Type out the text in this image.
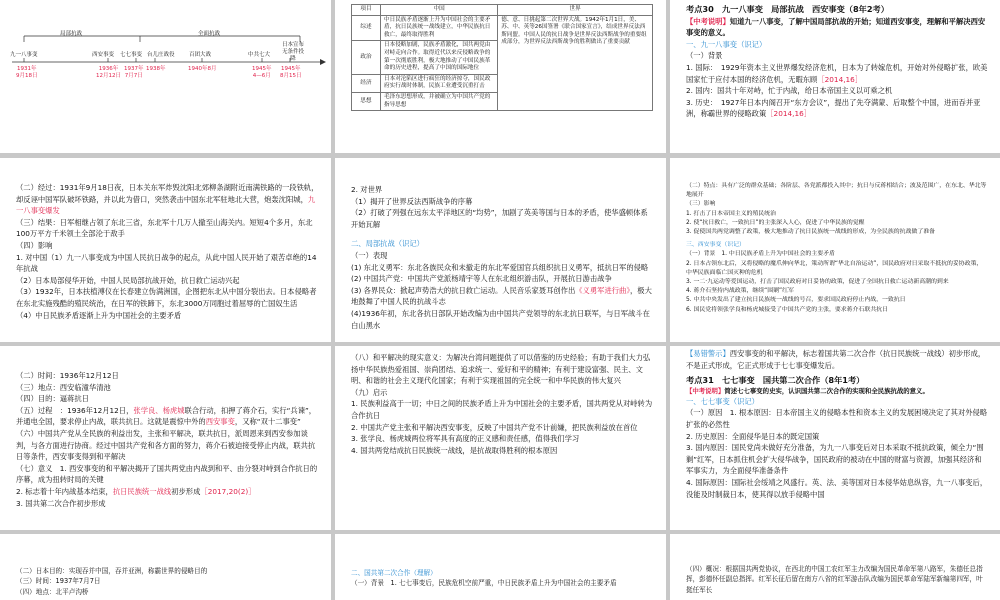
局部抗战	全面抗战
九一八事变	西安事变 七七事变 台儿庄战役	百团大战	中共七大
日本宣布无条件投降
1931年
9月18日
1936年
12月12日
1937年
7月7日
1938年	1940年8月	1945年
4—6月
1945年
8月15日
项目	中国	世界
综述	中日民族矛盾逐渐上升为中国社会的主要矛盾，抗日民族统一战线建立，中华民族抗日救亡，最终取得胜利	德、意、日挑起第二次世界大战。1942年1月1日，美、苏、中、英等26国签署《联合国家宣言》，结成世界反法西斯同盟。中国人民的抗日战争是世界反法西斯战争的重要组成部分，为世界反法西斯战争的胜利做出了重要贡献
政治	日本侵略加剧，民族矛盾激化，国共两党由对峙走向合作。取得近代以来反侵略战争的第一次彻底胜利，极大地推动了中国民族革命的历史进程，提高了中国的国际地位	
经济	日本对沦陷区进行疯狂的经济掠夺，国民政府实行战时体制，民族工业遭受沉重打击	
思想	毛泽东思想形成，并被确立为中国共产党的指导思想	

考点30　九一八事变　局部抗战　西安事变（8年2考）

【中考说明】知道九一八事变，了解中国局部抗战的开始；知道西安事变，理解和平解决西安事变的意义。

一、九一八事变（识记）

（一）背景

1. 国际：　1929年资本主义世界爆发经济危机，日本为了转嫁危机，开始对外侵略扩张，欧美国家忙于应付本国的经济危机，无暇东顾［2014,16］

2. 国内：国共十年对峙，忙于内战，给日本帝国主义以可乘之机

3. 历史：　1927年日本内阁召开“东方会议”，提出了先夺满蒙、后取整个中国，进而吞并亚洲，称霸世界的侵略政策［2014,16］

（二）经过：1931年9月18日夜，日本关东军炸毁沈阳北郊柳条湖附近南满铁路的一段铁轨，却反诬中国军队破坏铁路，并以此为借口，突然袭击中国东北军驻地北大营，炮轰沈阳城，九一八事变爆发

（三）结果：日军相继占领了东北三省，东北军十几万人撤至山海关内。短短4个多月，东北100万平方千米领土全部沦于敌手

（四）影响

1. 对中国（1）九一八事变成为中国人民抗日战争的起点，从此中国人民开始了艰苦卓绝的14年抗战

（2）日本局部侵华开始，中国人民局部抗战开始，抗日救亡运动兴起

（3）1932年，日本扶植溥仪在长春建立伪满洲国，企图把东北从中国分裂出去。日本侵略者在东北实施残酷的殖民统治，在日军的铁蹄下，东北3000万同胞过着屈辱的亡国奴生活

（4）中日民族矛盾逐渐上升为中国社会的主要矛盾

2. 对世界

（1）揭开了世界反法西斯战争的序幕

（2）打破了列强在远东太平洋地区的“均势”，加剧了英美等国与日本的矛盾，使华盛顿体系开始瓦解

二、局部抗战（识记）

（一）表现

(1) 东北义勇军：东北各族民众和未撤走的东北军爱国官兵组织抗日义勇军，抵抗日军的侵略

(2) 中国共产党：中国共产党派杨靖宇等人在东北组织游击队，开展抗日游击战争

(3) 各界民众：掀起声势浩大的抗日救亡运动。人民音乐家聂耳创作出《义勇军进行曲》，极大地鼓舞了中国人民的抗战斗志

(4)1936年初，东北各抗日部队开始改编为由中国共产党领导的东北抗日联军，与日军战斗在白山黑水

（二）特点：具有广泛的群众基础；各阶层、各党派都投入其中；抗日与反蒋相结合；波及范围广，在东北、华北等地展开

（三）影响

1. 打击了日本帝国主义的殖民统治

2. 使“抗日救亡，一致抗日”的主张深入人心，促进了中华民族的觉醒

3. 促使国共两党调整了政策，极大地推动了抗日民族统一战线的形成，为全民族的抗战做了准备

三、西安事变（识记）

（一）背景　1. 中日民族矛盾上升为中国社会的主要矛盾

2. 日本占领东北后，又将侵略的魔爪伸向华北，策动所谓“华北自治运动”，国民政府对日采取不抵抗的妥协政策，中华民族面临亡国灭种的危机

3. 一二·九运动等爱国运动，打击了国民政府对日妥协的政策，促进了全国抗日救亡运动新高潮的到来

4. 蒋介石坚持内战政策，继续“围剿”红军

5. 中共中央发出了建立抗日民族统一战线的号召，要求国民政府停止内战，一致抗日

6. 国民党将领张学良和杨虎城接受了中国共产党的主张，要求蒋介石联共抗日

（二）时间：1936年12月12日

（三）地点：西安临潼华清池

（四）目的：逼蒋抗日

（五）过程　：1936年12月12日，张学良、杨虎城联合行动，扣押了蒋介石，实行“兵谏”，并通电全国，要求停止内战，联共抗日。这就是震惊中外的西安事变，又称“双十二事变”

（六）中国共产党从全民族的利益出发，主张和平解决，联共抗日，派周恩来到西安参加谈判，与各方面进行协商。经过中国共产党和各方面的努力，蒋介石被迫接受停止内战，联共抗日等条件，西安事变得到和平解决

（七）意义　1. 西安事变的和平解决揭开了国共两党由内战到和平、由分裂对峙到合作抗日的序幕，成为扭转时局的关键

2. 标志着十年内战基本结束，抗日民族统一战线初步形成［2017,20(2)］

3. 国共第二次合作初步形成

（八）和平解决的现实意义：为解决台湾问题提供了可以借鉴的历史经验；有助于我们大力弘扬中华民族热爱祖国、崇尚团结、追求统一、爱好和平的精神；有利于建设富强、民主、文明、和谐的社会主义现代化国家；有利于实现祖国的完全统一和中华民族的伟大复兴

（九）启示

1. 民族利益高于一切；中日之间的民族矛盾上升为中国社会的主要矛盾，国共两党从对峙转为合作抗日

2. 中国共产党主张和平解决西安事变，反映了中国共产党不计前嫌，把民族利益放在首位

3. 张学良、杨虎城两位将军具有高度的正义感和责任感，值得我们学习

4. 国共两党结成抗日民族统一战线，是抗战取得胜利的根本原因

【易错警示】西安事变的和平解决，标志着国共第二次合作（抗日民族统一战线）初步形成，不是正式形成，它正式形成于七七事变爆发后。

考点31　七七事变　国共第二次合作（8年1考）

【中考说明】简述七七事变的史实，认识国共第二次合作的实现和全民族抗战的意义。

一、七七事变（识记）

（一）原因　1. 根本原因：日本帝国主义的侵略本性和资本主义的发展困境决定了其对外侵略扩张的必然性

2. 历史原因：全面侵华是日本的既定国策

3. 国内原因：国民党尚未做好充分准备，为九一八事变后对日本采取不抵抗政策，倾全力“围剿”红军，日本抓住机会扩大侵华战争，国民政府的被动在中国的财富与资源，加强其经济和军事实力，为全面侵华准备条件

4. 国际原因：国际社会绥靖之风盛行。英、法、美等国对日本侵华姑息纵容，九一八事变后，没能及时制裁日本，使其得以放手侵略中国

（二）日本目的：实现吞并中国，吞并亚洲，称霸世界的侵略目的

（三）时间：1937年7月7日

（四）地点：北平卢沟桥

二、国共第二次合作（理解）

（一）背景　1. 七七事变后，民族危机空前严重，中日民族矛盾上升为中国社会的主要矛盾

（四）概况：根据国共两党协议，在西北的中国工农红军主力改编为国民革命军第八路军，朱德任总指挥，彭德怀任副总指挥。红军长征后留在南方八省的红军游击队改编为国民革命军陆军新编第四军，叶挺任军长
